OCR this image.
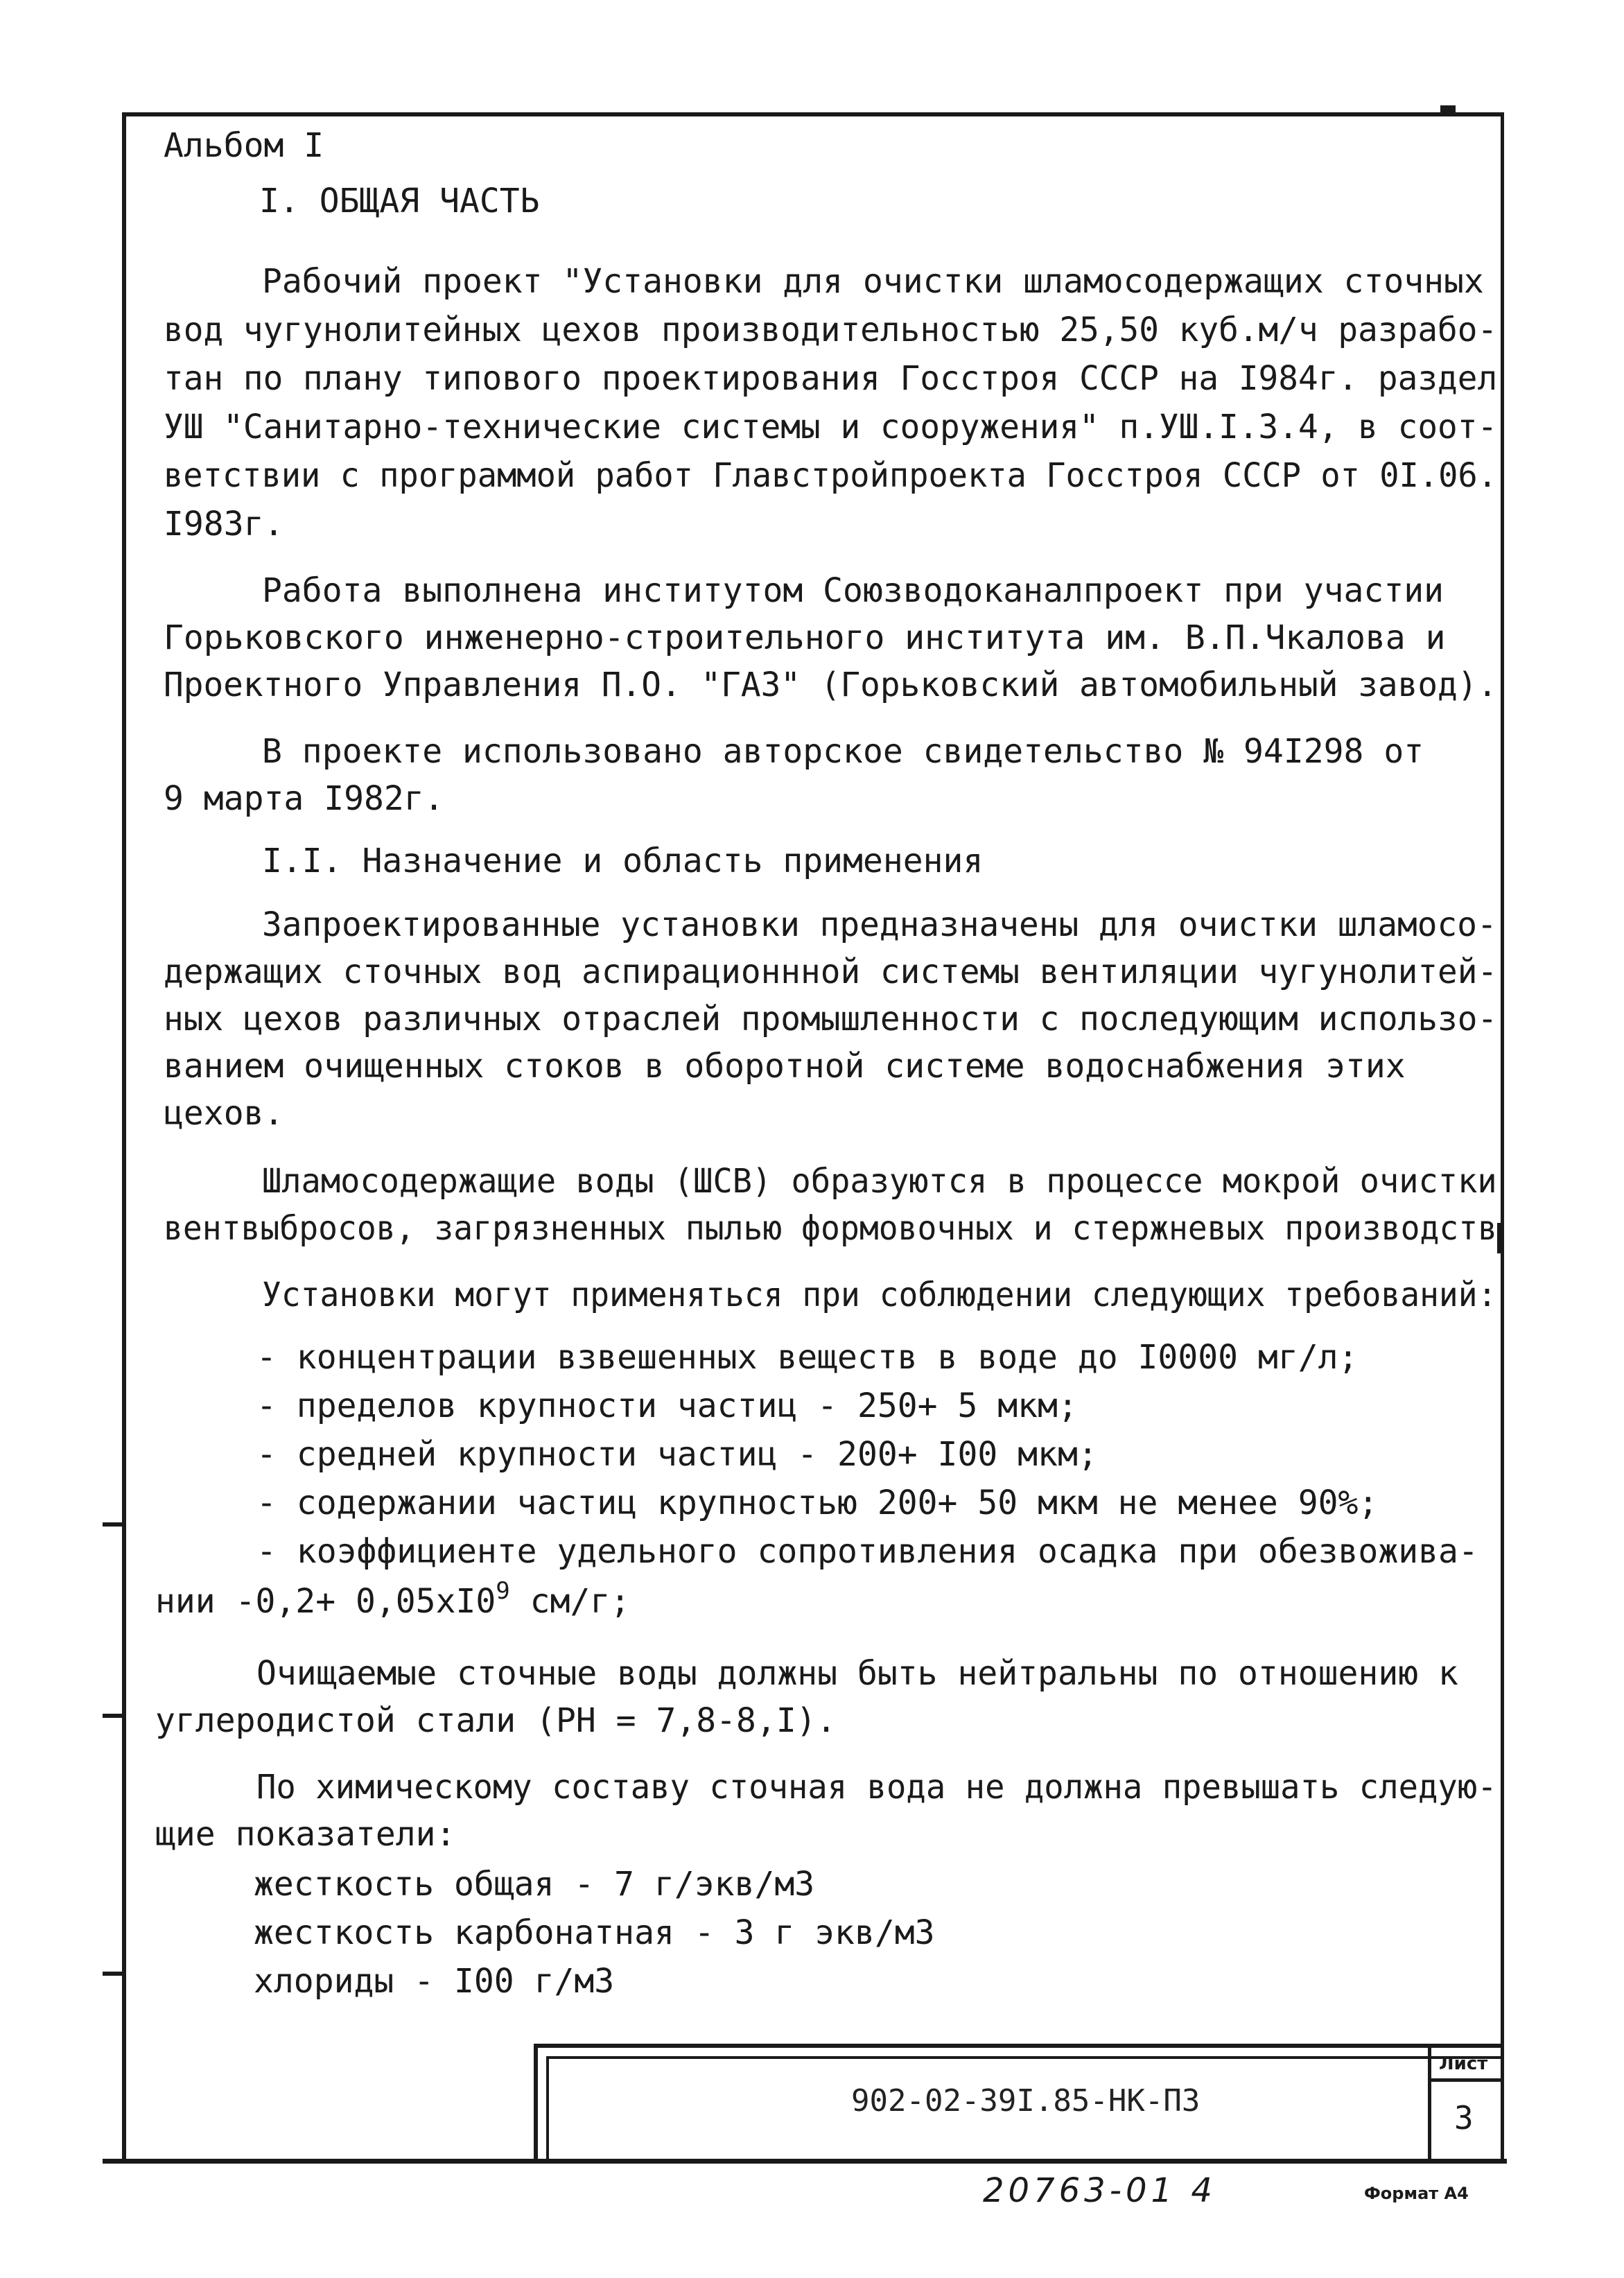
Альбом I
I. ОБЩАЯ ЧАСТЬ
Рабочий проект "Установки для очистки шламосодержащих сточных
вод чугунолитейных цехов производительностью 25,50 куб.м/ч разрабо-
тан по плану типового проектирования Госстроя СССР на I984г. раздел
УШ "Санитарно-технические системы и сооружения" п.УШ.I.3.4, в соот-
ветствии с программой работ Главстройпроекта Госстроя СССР от 0I.06.
I983г.
Работа выполнена институтом Союзводоканалпроект при участии
Горьковского инженерно-строительного института им. В.П.Чкалова и
Проектного Управления П.О. "ГАЗ" (Горьковский автомобильный завод).
В проекте использовано авторское свидетельство № 94I298 от
9 марта I982г.
I.I. Назначение и область применения
Запроектированные установки предназначены для очистки шламосо-
держащих сточных вод аспирационнной системы вентиляции чугунолитей-
ных цехов различных отраслей промышленности с последующим использо-
ванием очищенных стоков в оборотной системе водоснабжения этих
цехов.
Шламосодержащие воды (ШСВ) образуются в процессе мокрой очистки
вентвыбросов, загрязненных пылью формовочных и стержневых производств
Установки могут применяться при соблюдении следующих требований:
- концентрации взвешенных веществ в воде до I0000 мг/л;
- пределов крупности частиц - 250+ 5 мкм;
- средней крупности частиц - 200+ I00 мкм;
- содержании частиц крупностью 200+ 50 мкм не менее 90%;
- коэффициенте удельного сопротивления осадка при обезвожива-
нии $-0,2+ 0,05xI0^9$ см/г;
Очищаемые сточные воды должны быть нейтральны по отношению к
углеродистой стали (РН = 7,8-8,I).
По химическому составу сточная вода не должна превышать следую-
щие показатели:
жесткость общая - 7 г/экв/м3
жесткость карбонатная - 3 г экв/м3
хлориды - I00 г/м3
902-02-39I.85-НК-ПЗ
Лист
3
20763-01 4	Формат А4
